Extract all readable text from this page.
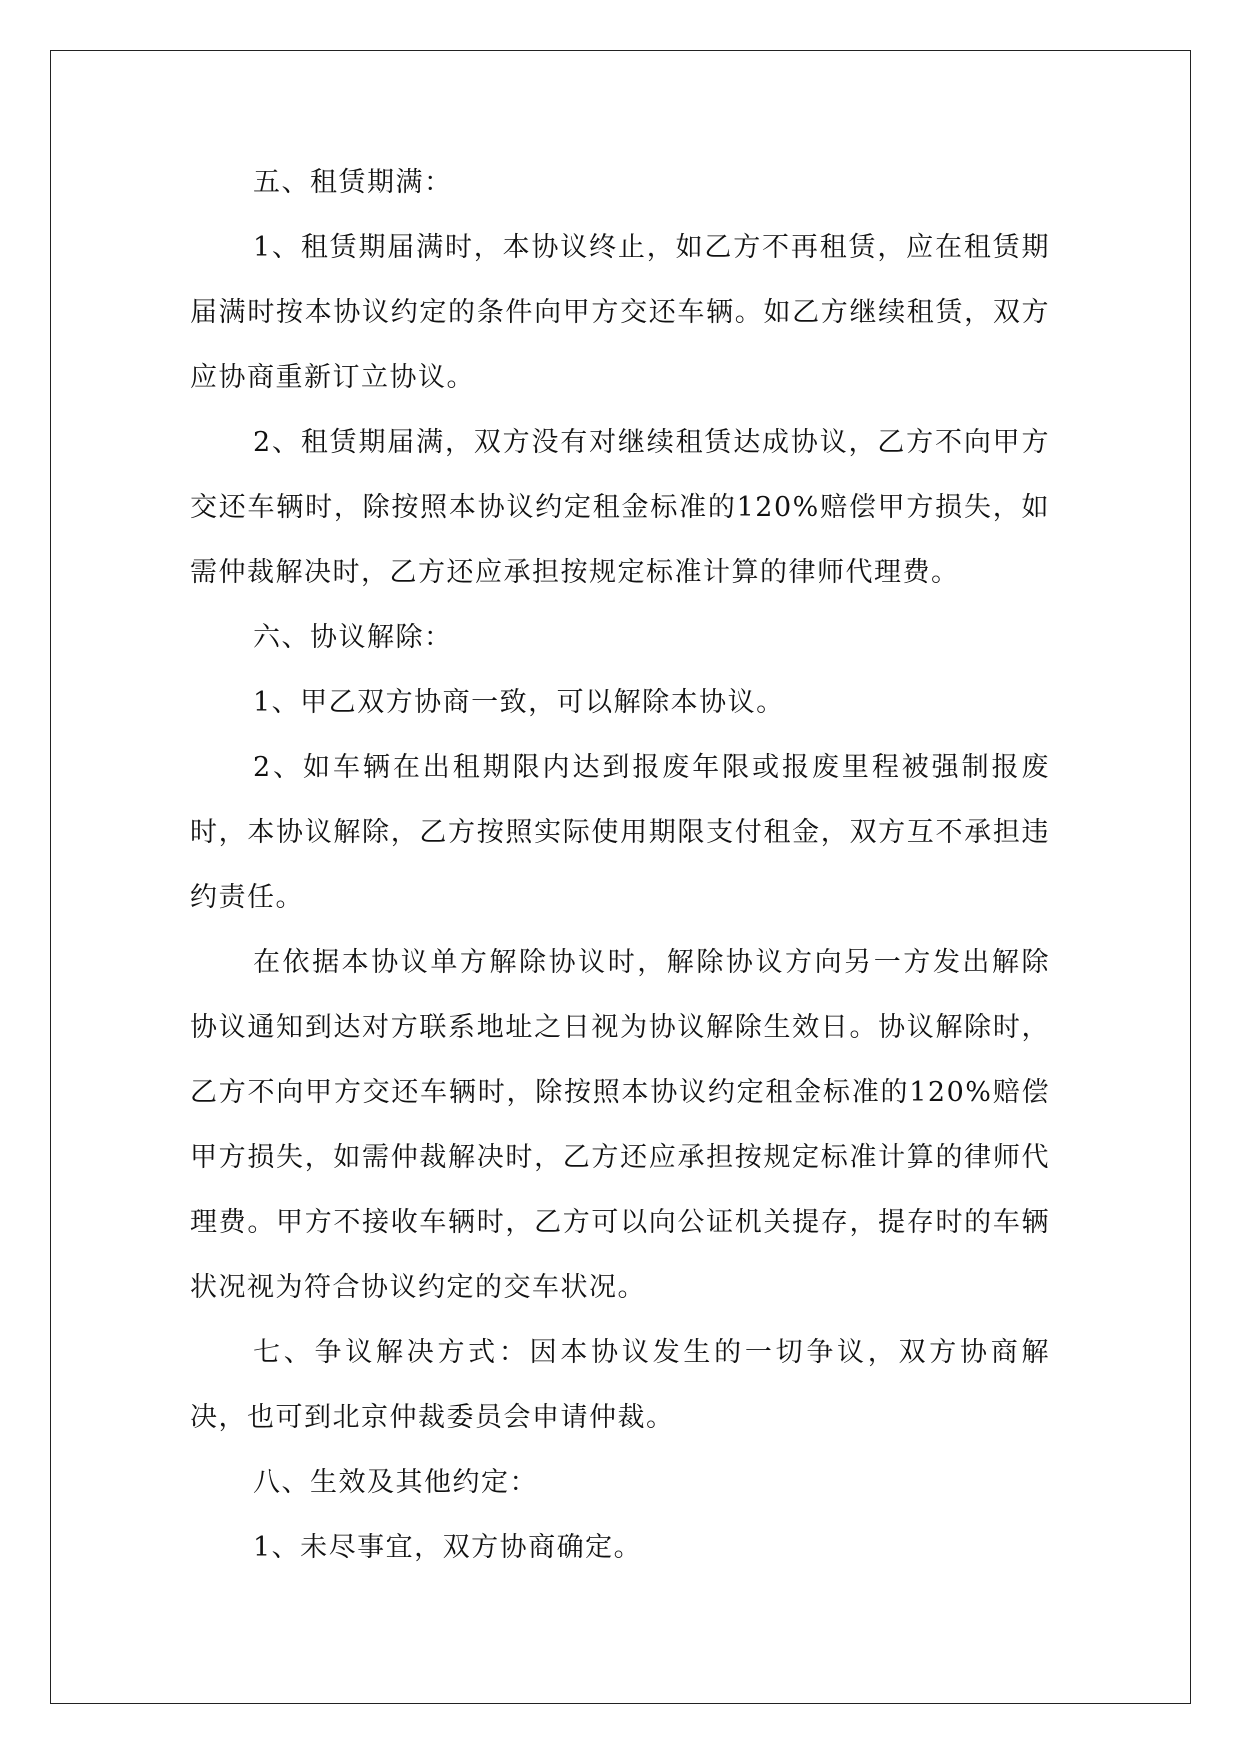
五、租赁期满：

1、租赁期届满时，本协议终止，如乙方不再租赁，应在租赁期届满时按本协议约定的条件向甲方交还车辆。如乙方继续租赁，双方应协商重新订立协议。

2、租赁期届满，双方没有对继续租赁达成协议，乙方不向甲方交还车辆时，除按照本协议约定租金标准的120%赔偿甲方损失，如需仲裁解决时，乙方还应承担按规定标准计算的律师代理费。

六、协议解除：

1、甲乙双方协商一致，可以解除本协议。

2、如车辆在出租期限内达到报废年限或报废里程被强制报废时，本协议解除，乙方按照实际使用期限支付租金，双方互不承担违约责任。

在依据本协议单方解除协议时，解除协议方向另一方发出解除协议通知到达对方联系地址之日视为协议解除生效日。协议解除时，乙方不向甲方交还车辆时，除按照本协议约定租金标准的120%赔偿甲方损失，如需仲裁解决时，乙方还应承担按规定标准计算的律师代理费。甲方不接收车辆时，乙方可以向公证机关提存，提存时的车辆状况视为符合协议约定的交车状况。

七、争议解决方式：因本协议发生的一切争议，双方协商解决，也可到北京仲裁委员会申请仲裁。

八、生效及其他约定：

1、未尽事宜，双方协商确定。
